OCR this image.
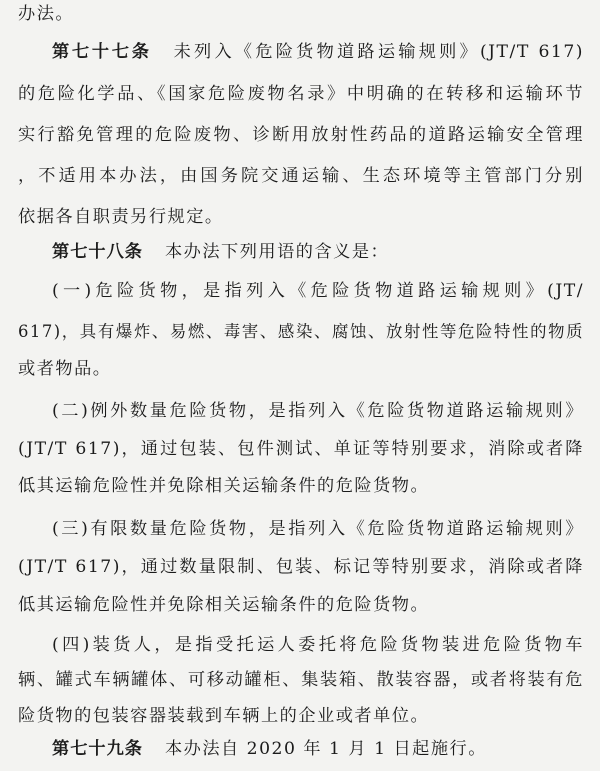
办法。
第七十七条 未列入《危险货物道路运输规则》(JT/T 617)
的危险化学品、《国家危险废物名录》中明确的在转移和运输环节
实行豁免管理的危险废物、诊断用放射性药品的道路运输安全管理
，不适用本办法，由国务院交通运输、生态环境等主管部门分别
依据各自职责另行规定。
第七十八条 本办法下列用语的含义是：
(一)危险货物，是指列入《危险货物道路运输规则》(JT/
617)，具有爆炸、易燃、毒害、感染、腐蚀、放射性等危险特性的物质
或者物品。
(二)例外数量危险货物，是指列入《危险货物道路运输规则》
(JT/T 617)，通过包装、包件测试、单证等特别要求，消除或者降
低其运输危险性并免除相关运输条件的危险货物。
(三)有限数量危险货物，是指列入《危险货物道路运输规则》
(JT/T 617)，通过数量限制、包装、标记等特别要求，消除或者降
低其运输危险性并免除相关运输条件的危险货物。
(四)装货人，是指受托运人委托将危险货物装进危险货物车
辆、罐式车辆罐体、可移动罐柜、集装箱、散装容器，或者将装有危
险货物的包装容器装载到车辆上的企业或者单位。
第七十九条 本办法自 2020 年 1 月 1 日起施行。
